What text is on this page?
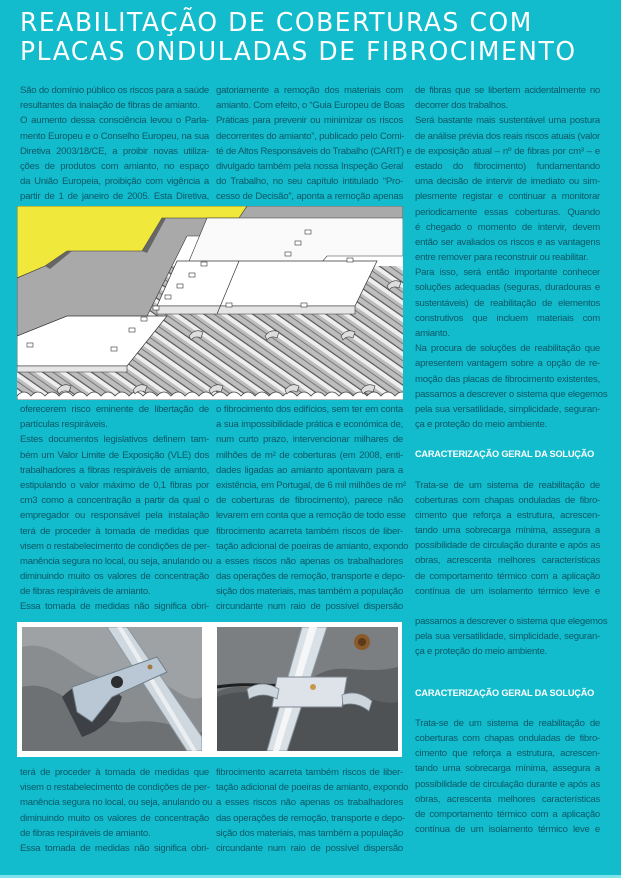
REABILITAÇÃO DE COBERTURAS COM
PLACAS ONDULADAS DE FIBROCIMENTO
São do domínio público os riscos para a saúde
resultantes da inalação de fibras de amianto.
O aumento dessa consciência levou o Parla-
mento Europeu e o Conselho Europeu, na sua
Diretiva 2003/18/CE, a proibir novas utiliza-
ções de produtos com amianto, no espaço
da União Europeia, proibição com vigência a
partir de 1 de janeiro de 2005. Esta Diretiva,
gatoriamente a remoção dos materiais com
amianto. Com efeito, o “Guia Europeu de Boas
Práticas para prevenir ou minimizar os riscos
decorrentes do amianto”, publicado pelo Comi-
té de Altos Responsáveis do Trabalho (CARIT) e
divulgado também pela nossa Inspeção Geral
do Trabalho, no seu capítulo intitulado “Pro-
cesso de Decisão”, aponta a remoção apenas
oferecerem risco eminente de libertação de
partículas respiráveis.
Estes documentos legislativos definem tam-
bém um Valor Limite de Exposição (VLE) dos
trabalhadores a fibras respiráveis de amianto,
estipulando o valor máximo de 0,1 fibras por
cm3 como a concentração a partir da qual o
empregador ou responsável pela instalação
terá de proceder à tomada de medidas que
visem o restabelecimento de condições de per-
manência segura no local, ou seja, anulando ou
diminuindo muito os valores de concentração
de fibras respiráveis de amianto.
Essa tomada de medidas não significa obri-
o fibrocimento dos edifícios, sem ter em conta
a sua impossibilidade prática e económica de,
num curto prazo, intervencionar milhares de
milhões de m² de coberturas (em 2008, enti-
dades ligadas ao amianto apontavam para a
existência, em Portugal, de 6 mil milhões de m²
de coberturas de fibrocimento), parece não
levarem em conta que a remoção de todo esse
fibrocimento acarreta também riscos de liber-
tação adicional de poeiras de amianto, expondo
a esses riscos não apenas os trabalhadores
das operações de remoção, transporte e depo-
sição dos materiais, mas também a população
circundante num raio de possível dispersão
de fibras que se libertem acidentalmente no
decorrer dos trabalhos.
Será bastante mais sustentável uma postura
de análise prévia dos reais riscos atuais (valor
de exposição atual – nº de fibras por cm³ – e
estado do fibrocimento) fundamentando
uma decisão de intervir de imediato ou sim-
plesmente registar e continuar a monitorar
periodicamente essas coberturas. Quando
é chegado o momento de intervir, devem
então ser avaliados os riscos e as vantagens
entre remover para reconstruir ou reabilitar.
Para isso, será então importante conhecer
soluções adequadas (seguras, duradouras e
sustentáveis) de reabilitação de elementos
construtivos que incluem materiais com
amianto.
Na procura de soluções de reabilitação que
apresentem vantagem sobre a opção de re-
moção das placas de fibrocimento existentes,
passamos a descrever o sistema que elegemos
pela sua versatilidade, simplicidade, seguran-
ça e proteção do meio ambiente.
CARACTERIZAÇÃO GERAL DA SOLUÇÃO
Trata-se de um sistema de reabilitação de
coberturas com chapas onduladas de fibro-
cimento que reforça a estrutura, acrescen-
tando uma sobrecarga mínima, assegura a
possibilidade de circulação durante e após as
obras, acrescenta melhores características
de comportamento térmico com a aplicação
contínua de um isolamento térmico leve e
passamos a descrever o sistema que elegemos
pela sua versatilidade, simplicidade, seguran-
ça e proteção do meio ambiente.
CARACTERIZAÇÃO GERAL DA SOLUÇÃO
Trata-se de um sistema de reabilitação de
coberturas com chapas onduladas de fibro-
cimento que reforça a estrutura, acrescen-
tando uma sobrecarga mínima, assegura a
possibilidade de circulação durante e após as
obras, acrescenta melhores características
de comportamento térmico com a aplicação
contínua de um isolamento térmico leve e
terá de proceder à tomada de medidas que
visem o restabelecimento de condições de per-
manência segura no local, ou seja, anulando ou
diminuindo muito os valores de concentração
de fibras respiráveis de amianto.
Essa tomada de medidas não significa obri-
fibrocimento acarreta também riscos de liber-
tação adicional de poeiras de amianto, expondo
a esses riscos não apenas os trabalhadores
das operações de remoção, transporte e depo-
sição dos materiais, mas também a população
circundante num raio de possível dispersão
